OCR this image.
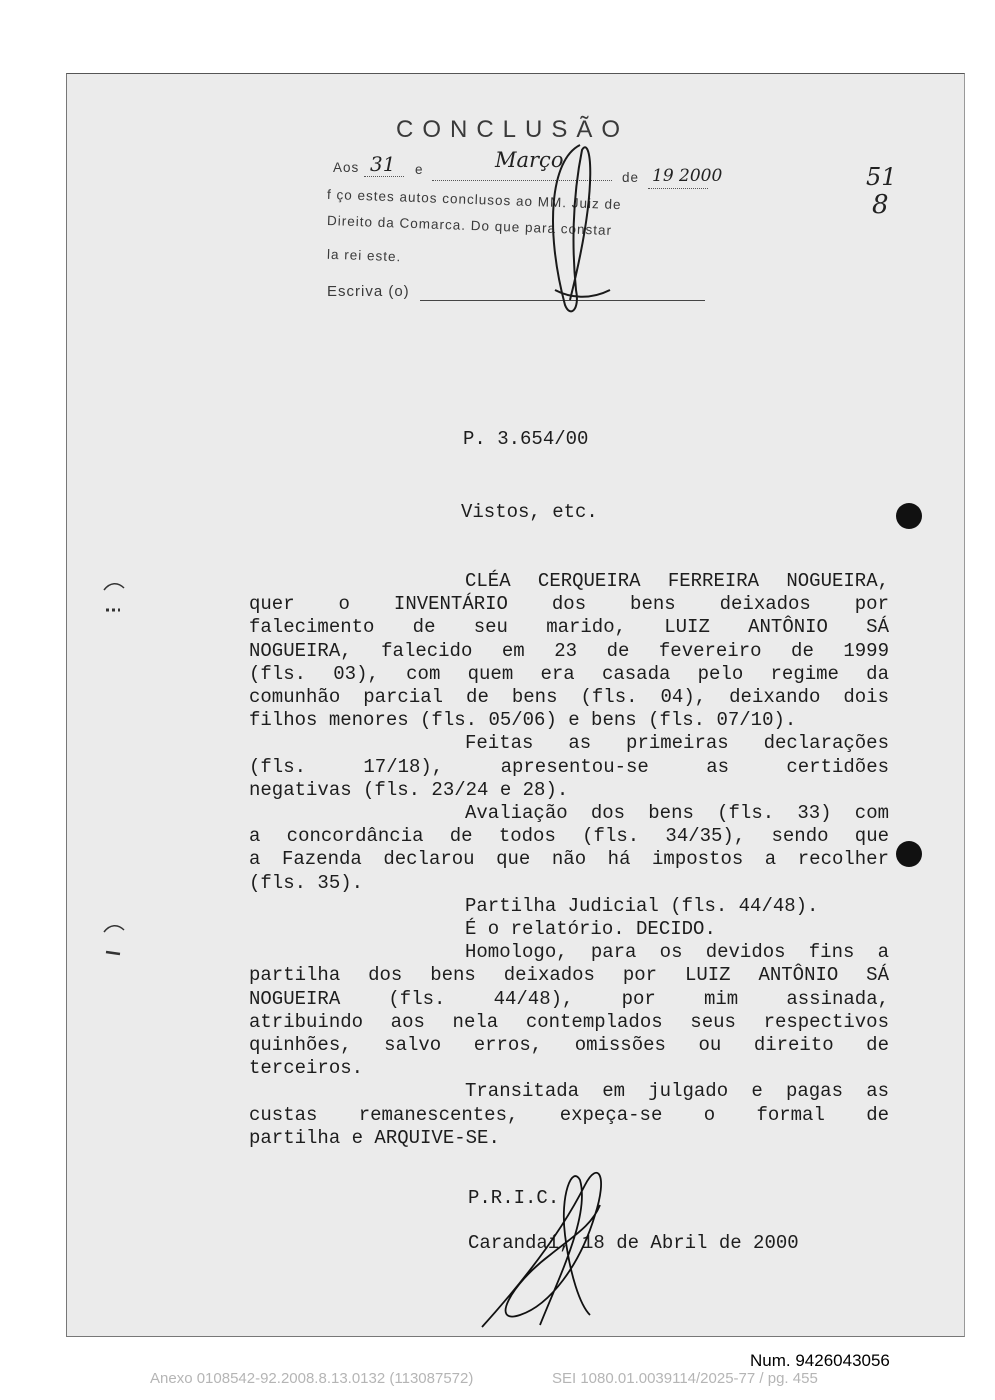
CONCLUSÃO
Aos 31 e	Março
de 19 2000
f ço estes autos conclusos ao MM. Juiz de
Direito da Comarca. Do que para constar
la rei este.
Escriva (o)
51
8
P. 3.654/00
Vistos, etc.
CLÉA CERQUEIRA FERREIRA NOGUEIRA,
quer o INVENTÁRIO dos bens deixados por
falecimento de seu marido, LUIZ ANTÔNIO SÁ
NOGUEIRA, falecido em 23 de fevereiro de 1999
(fls. 03), com quem era casada pelo regime da
comunhão parcial de bens (fls. 04), deixando dois
filhos menores (fls. 05/06) e bens (fls. 07/10).
Feitas as primeiras declarações
(fls. 17/18), apresentou-se as certidões
negativas (fls. 23/24 e 28).
Avaliação dos bens (fls. 33) com
a concordância de todos (fls. 34/35), sendo que
a Fazenda declarou que não há impostos a recolher
(fls. 35).
Partilha Judicial (fls. 44/48).
É o relatório. DECIDO.
Homologo, para os devidos fins a
partilha dos bens deixados por LUIZ ANTÔNIO SÁ
NOGUEIRA (fls. 44/48), por mim assinada,
atribuindo aos nela contemplados seus respectivos
quinhões, salvo erros, omissões ou direito de
terceiros.
Transitada em julgado e pagas as
custas remanescentes, expeça-se o formal de
partilha e ARQUIVE-SE.
P.R.I.C.
Carandaí, 18 de Abril de 2000
Num. 9426043056
Anexo 0108542-92.2008.8.13.0132 (113087572)	SEI 1080.01.0039114/2025-77 / pg. 455
